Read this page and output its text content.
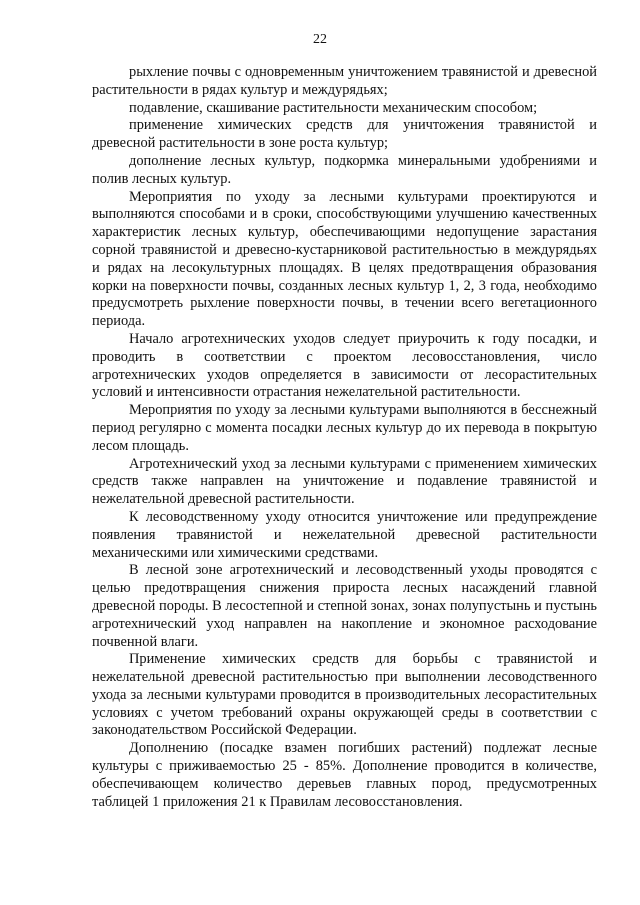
22

рыхление почвы с одновременным уничтожением травянистой и древесной растительности в рядах культур и междурядьях;

подавление, скашивание растительности механическим способом;

применение химических средств для уничтожения травянистой и древесной растительности в зоне роста культур;

дополнение лесных культур, подкормка минеральными удобрениями и полив лесных культур.

Мероприятия по уходу за лесными культурами проектируются и выполняются способами и в сроки, способствующими улучшению качественных характеристик лесных культур, обеспечивающими недопущение зарастания сорной травянистой и древесно-кустарниковой растительностью в междурядьях и рядах на лесокультурных площадях. В целях предотвращения образования корки на поверхности почвы, созданных лесных культур 1, 2, 3 года, необходимо предусмотреть рыхление поверхности почвы, в течении всего вегетационного периода.

Начало агротехнических уходов следует приурочить к году посадки, и проводить в соответствии с проектом лесовосстановления, число агротехнических уходов определяется в зависимости от лесорастительных условий и интенсивности отрастания нежелательной растительности.

Мероприятия по уходу за лесными культурами выполняются в бесснежный период регулярно с момента посадки лесных культур до их перевода в покрытую лесом площадь.

Агротехнический уход за лесными культурами с применением химических средств также направлен на уничтожение и подавление травянистой и нежелательной древесной растительности.

К лесоводственному уходу относится уничтожение или предупреждение появления травянистой и нежелательной древесной растительности механическими или химическими средствами.

В лесной зоне агротехнический и лесоводственный уходы проводятся с целью предотвращения снижения прироста лесных насаждений главной древесной породы. В лесостепной и степной зонах, зонах полупустынь и пустынь агротехнический уход направлен на накопление и экономное расходование почвенной влаги.

Применение химических средств для борьбы с травянистой и нежелательной древесной растительностью при выполнении лесоводственного ухода за лесными культурами проводится в производительных лесорастительных условиях с учетом требований охраны окружающей среды в соответствии с законодательством Российской Федерации.

Дополнению (посадке взамен погибших растений) подлежат лесные культуры с приживаемостью 25 - 85%. Дополнение проводится в количестве, обеспечивающем количество деревьев главных пород, предусмотренных таблицей 1 приложения 21 к Правилам лесовосстановления.
